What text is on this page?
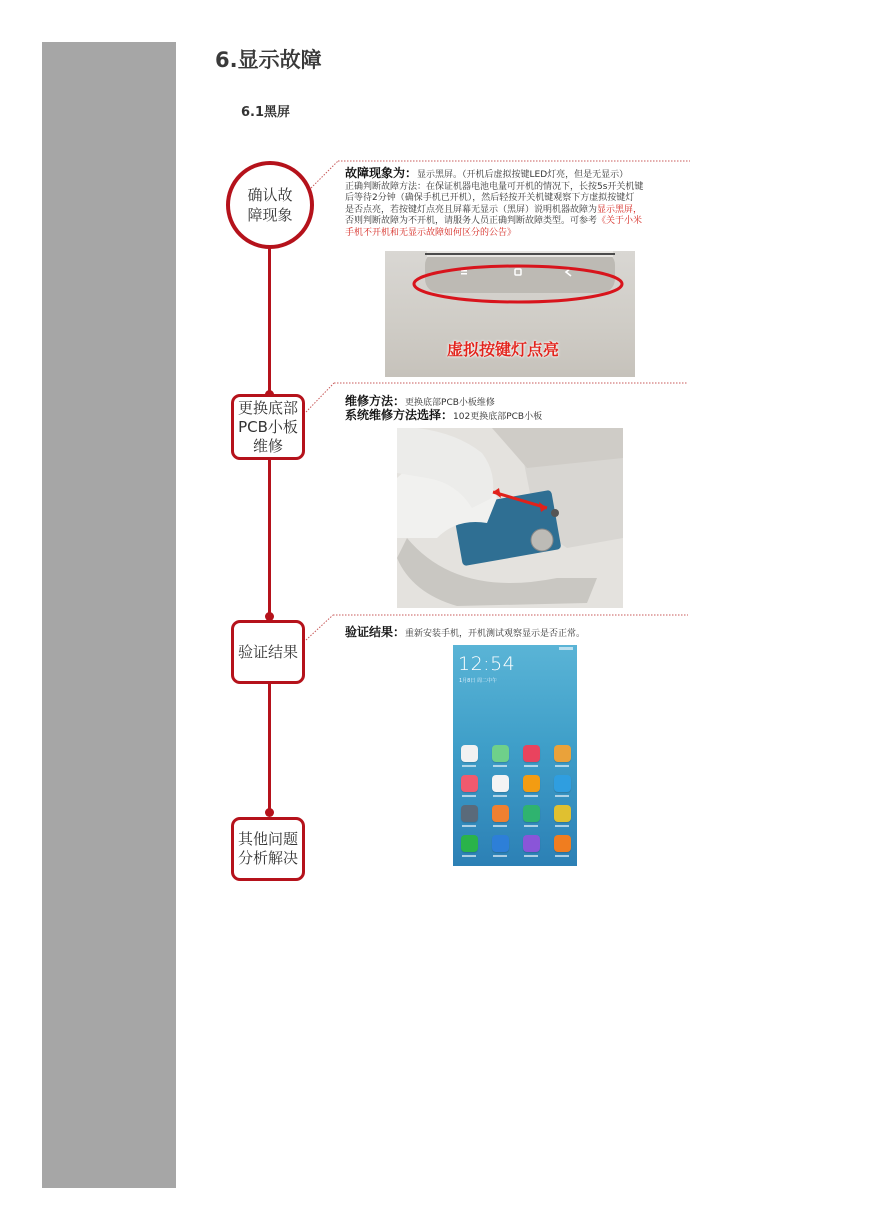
6.显示故障
6.1黑屏
确认故
障现象
更换底部
PCB小板
维修
验证结果
其他问题
分析解决
故障现象为：显示黑屏。（开机后虚拟按键LED灯亮，但是无显示）
正确判断故障方法：在保证机器电池电量可开机的情况下，长按5s开关机键
后等待2分钟（确保手机已开机），然后轻按开关机键观察下方虚拟按键灯
是否点亮，若按键灯点亮且屏幕无显示（黑屏）说明机器故障为显示黑屏，
否则判断故障为不开机，请服务人员正确判断故障类型。可参考《关于小米
手机不开机和无显示故障如何区分的公告》
虚拟按键灯点亮
维修方法：更换底部PCB小板维修
系统维修方法选择：102更换底部PCB小板
验证结果：重新安装手机，开机测试观察显示是否正常。
12:54
1月8日 周二中午
